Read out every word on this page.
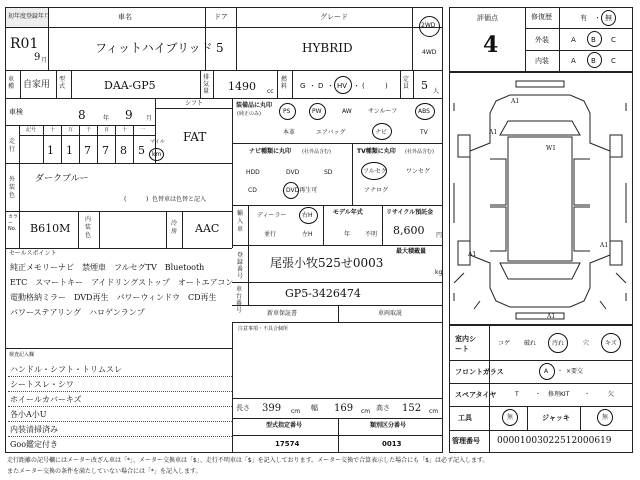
初年度登録年月
R01
9 月
車名
フィットハイブリッド
ドア
5
グレード
HYBRID
2WD
4WD
評価点
4
修復歴	有 ・ 無
外装	A B C
内装	A B C
車種 自家用
型式	DAA-GP5
排気量 1490 cc
燃料 G ・ D ・ HV ・ (	)
定員 5 人
車検	8	年 9 月
シフト
FAT
走行
記号	十	万	千	百	十	一
1 1 7 7 8 5
マイル
km
外装色
ダークブルー
(	) 色替車は色替と記入
カラーNo. B610M
内装色
冷房 AAC
装備品に丸印
(純正のみ)	PS	PW	AW	サンルーフ	ABS
本革	エアバッグ	ナビ	TV
ナビ種類に丸印 (社外品含む)
HDD	DVD	SD
CD	DVD再生可
TV種類に丸印 (社外品含む)
フルセグ	ワンセグ
アナログ
輸入車
ディーラー	右H
並行	左H
モデル年式
年 不明
リサイクル預託金
8,600 円
最大積載量
kg
登録番号
尾張小牧525せ0003
車台番号
GP5-3426474
新車保証書	車両取説
セールスポイント
純正メモリーナビ　禁煙車　フルセグTV　Bluetooth
ETC　スマートキー　アイドリングストップ　オートエアコン
電動格納ミラー　DVD再生　パワーウィンドウ　CD再生
パワーステアリング　ハロゲンランプ
注意事項・不具合個所
検査記入欄
ハンドル・シフト・トリムスレ
シートスレ・シワ
ホイールカバーキズ
各小A小U
内装清掃済み
Goo鑑定付き
長さ 399 cm 幅 169 cm 高さ 152 cm
型式指定番号	類別区分番号
17574	0013
室内シート
コゲ 破れ	汚れ	穴	キズ
フロントガラス	A ・ ×要交
スペアタイヤ	T	・ 修理KIT ・	欠
工具	無	ジャッキ	無
管理番号 00001003022512000619
A1
A1
A1
A1
W1
A1
走行距離の記号欄にはメーター改ざん車は「*」、メーター交換車は「$」、走行不明車は「$」を記入しております。メーター交換で合算表示した場合にも「$」は必ず記入します。
またメーター交換の条件を満たしていない場合には「*」を記入します。
